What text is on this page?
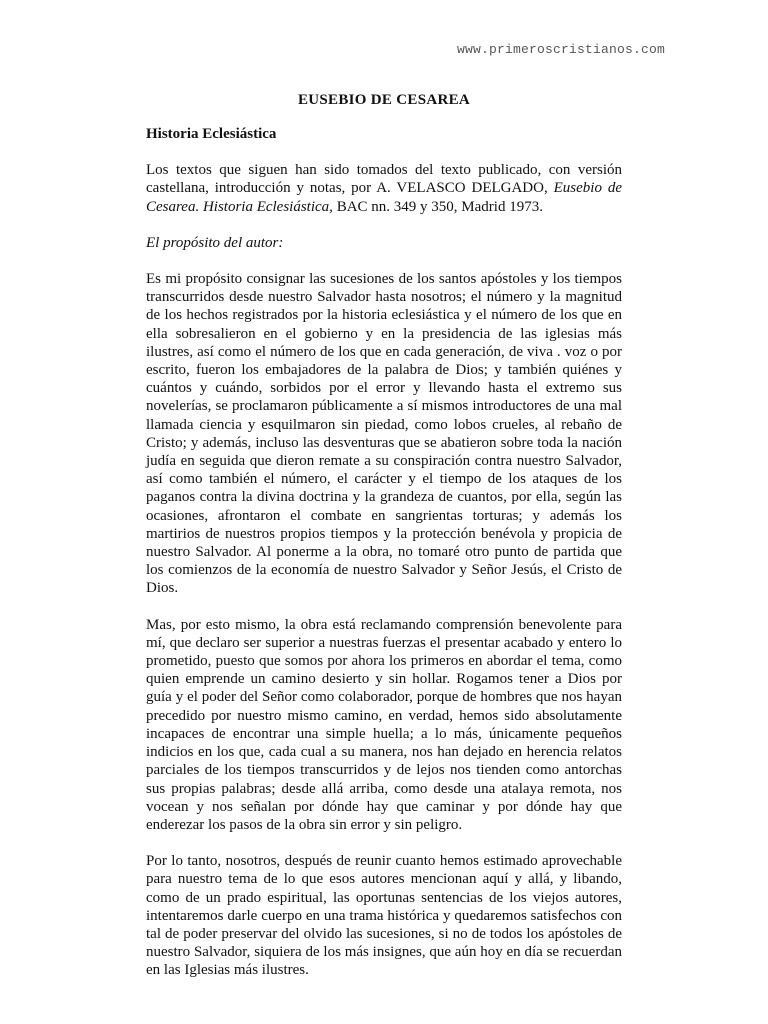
www.primeroscristianos.com
EUSEBIO DE CESAREA
Historia Eclesiástica

Los textos que siguen han sido tomados del texto publicado, con versión castellana, introducción y notas, por A. VELASCO DELGADO, Eusebio de Cesarea. Historia Eclesiástica, BAC nn. 349 y 350, Madrid 1973.

El propósito del autor:

Es mi propósito consignar las sucesiones de los santos apóstoles y los tiempos transcurridos desde nuestro Salvador hasta nosotros; el número y la magnitud de los hechos registrados por la historia eclesiástica y el número de los que en ella sobresalieron en el gobierno y en la presidencia de las iglesias más ilustres, así como el número de los que en cada generación, de viva . voz o por escrito, fueron los embajadores de la palabra de Dios; y también quiénes y cuántos y cuándo, sorbidos por el error y llevando hasta el extremo sus novelerías, se proclamaron públicamente a sí mismos introductores de una mal llamada ciencia y esquilmaron sin piedad, como lobos crueles, al rebaño de Cristo; y además, incluso las desventuras que se abatieron sobre toda la nación judía en seguida que dieron remate a su conspiración contra nuestro Salvador, así como también el número, el carácter y el tiempo de los ataques de los paganos contra la divina doctrina y la grandeza de cuantos, por ella, según las ocasiones, afrontaron el combate en sangrientas torturas; y además los martirios de nuestros propios tiempos y la protección benévola y propicia de nuestro Salvador. Al ponerme a la obra, no tomaré otro punto de partida que los comienzos de la economía de nuestro Salvador y Señor Jesús, el Cristo de Dios.

Mas, por esto mismo, la obra está reclamando comprensión benevolente para mí, que declaro ser superior a nuestras fuerzas el presentar acabado y entero lo prometido, puesto que somos por ahora los primeros en abordar el tema, como quien emprende un camino desierto y sin hollar. Rogamos tener a Dios por guía y el poder del Señor como colaborador, porque de hombres que nos hayan precedido por nuestro mismo camino, en verdad, hemos sido absolutamente incapaces de encontrar una simple huella; a lo más, únicamente pequeños indicios en los que, cada cual a su manera, nos han dejado en herencia relatos parciales de los tiempos transcurridos y de lejos nos tienden como antorchas sus propias palabras; desde allá arriba, como desde una atalaya remota, nos vocean y nos señalan por dónde hay que caminar y por dónde hay que enderezar los pasos de la obra sin error y sin peligro.

Por lo tanto, nosotros, después de reunir cuanto hemos estimado aprovechable para nuestro tema de lo que esos autores mencionan aquí y allá, y libando, como de un prado espiritual, las oportunas sentencias de los viejos autores, intentaremos darle cuerpo en una trama histórica y quedaremos satisfechos con tal de poder preservar del olvido las sucesiones, si no de todos los apóstoles de nuestro Salvador, siquiera de los más insignes, que aún hoy en día se recuerdan en las Iglesias más ilustres.
